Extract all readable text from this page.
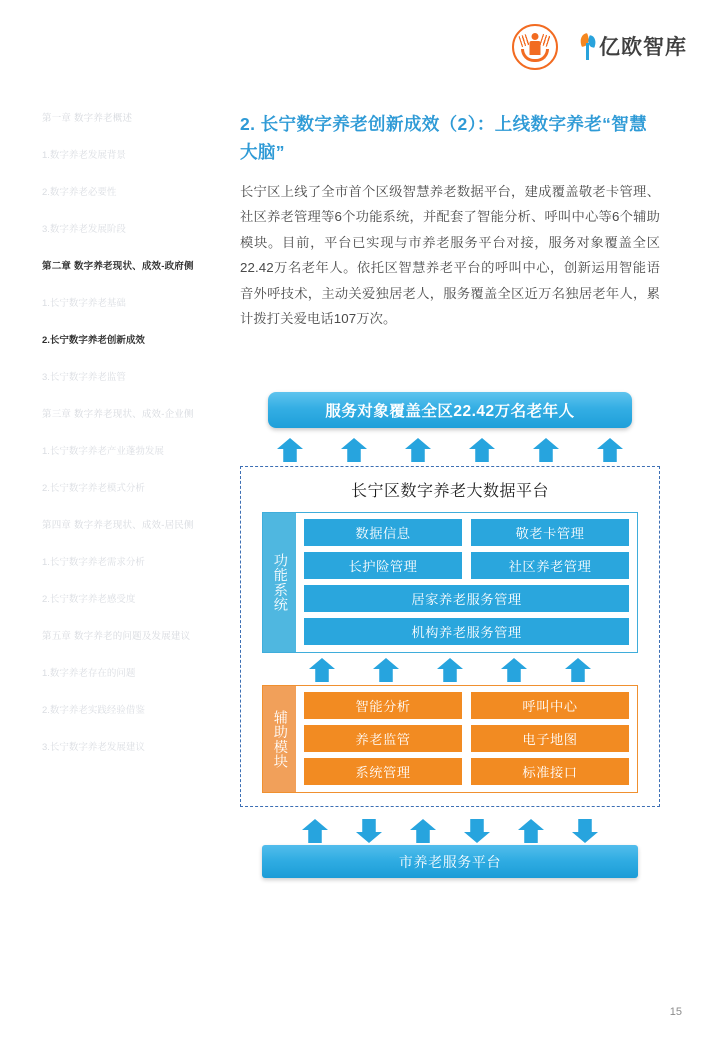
亿欧智库
第一章 数字养老概述
1.数字养老发展背景
2.数字养老必要性
3.数字养老发展阶段
第二章 数字养老现状、成效-政府侧
1.长宁数字养老基础
2.长宁数字养老创新成效
3.长宁数字养老监管
第三章 数字养老现状、成效-企业侧
1.长宁数字养老产业蓬勃发展
2.长宁数字养老模式分析
第四章 数字养老现状、成效-居民侧
1.长宁数字养老需求分析
2.长宁数字养老感受度
第五章 数字养老的问题及发展建议
1.数字养老存在的问题
2.数字养老实践经验借鉴
3.长宁数字养老发展建议
2. 长宁数字养老创新成效（2）：上线数字养老“智慧大脑”

长宁区上线了全市首个区级智慧养老数据平台，建成覆盖敬老卡管理、社区养老管理等6个功能系统，并配套了智能分析、呼叫中心等6个辅助模块。目前，平台已实现与市养老服务平台对接，服务对象覆盖全区22.42万名老年人。依托区智慧养老平台的呼叫中心，创新运用智能语音外呼技术，主动关爱独居老人，服务覆盖全区近万名独居老年人，累计拨打关爱电话107万次。

服务对象覆盖全区22.42万名老年人
长宁区数字养老大数据平台
功能系统
数据信息	敬老卡管理
长护险管理	社区养老管理
居家养老服务管理
机构养老服务管理
辅助模块
智能分析	呼叫中心
养老监管	电子地图
系统管理	标准接口
市养老服务平台
15
